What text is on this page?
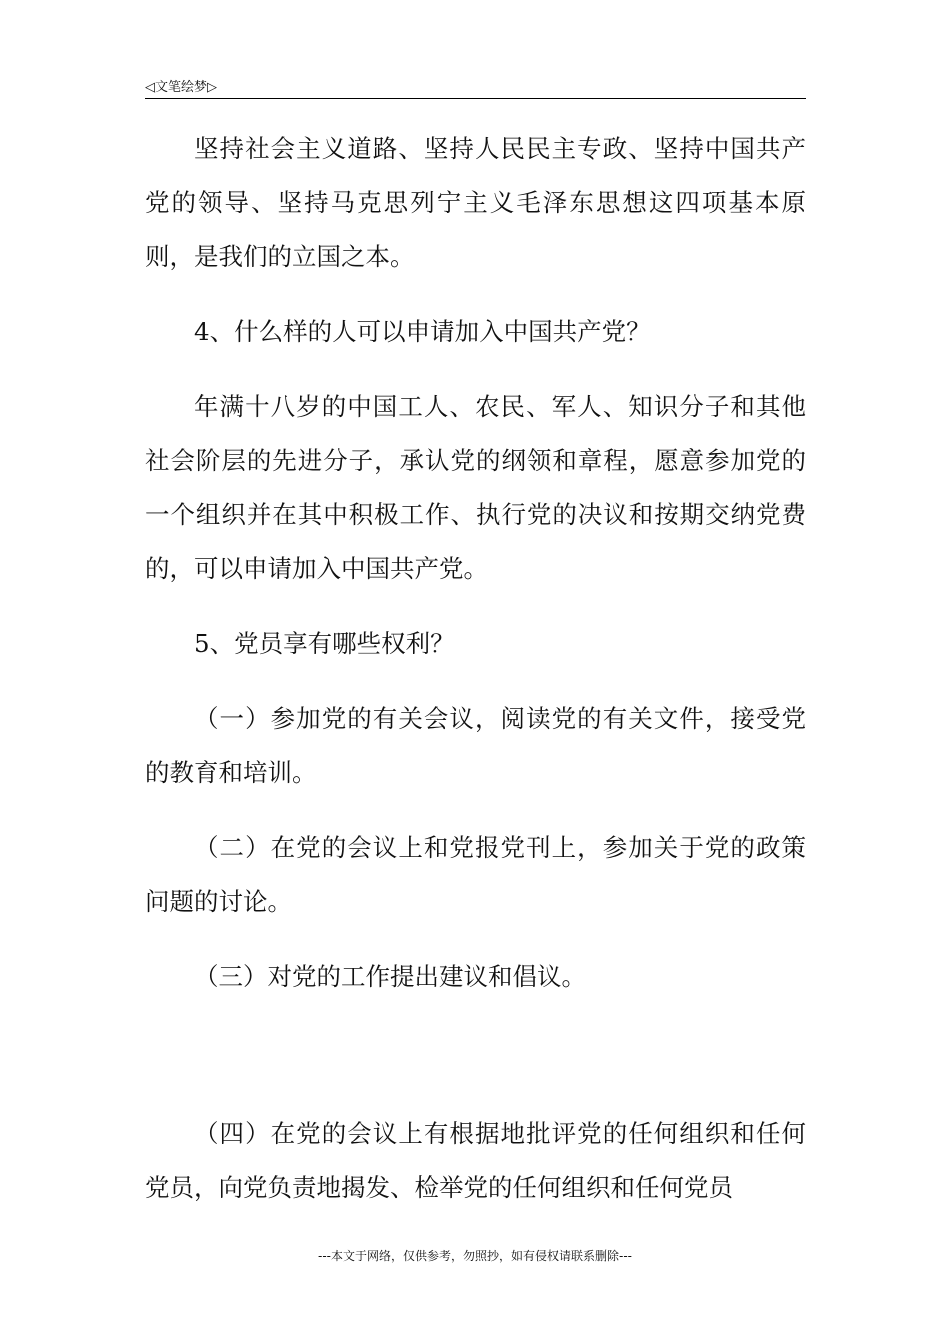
◁文笔绘梦▷

坚持社会主义道路、坚持人民民主专政、坚持中国共产党的领导、坚持马克思列宁主义毛泽东思想这四项基本原则，是我们的立国之本。

4、什么样的人可以申请加入中国共产党？

年满十八岁的中国工人、农民、军人、知识分子和其他社会阶层的先进分子，承认党的纲领和章程，愿意参加党的一个组织并在其中积极工作、执行党的决议和按期交纳党费的，可以申请加入中国共产党。

5、党员享有哪些权利？

（一）参加党的有关会议，阅读党的有关文件，接受党的教育和培训。

（二）在党的会议上和党报党刊上，参加关于党的政策问题的讨论。

（三）对党的工作提出建议和倡议。

（四）在党的会议上有根据地批评党的任何组织和任何党员，向党负责地揭发、检举党的任何组织和任何党员

---本文于网络，仅供参考，勿照抄，如有侵权请联系删除---
